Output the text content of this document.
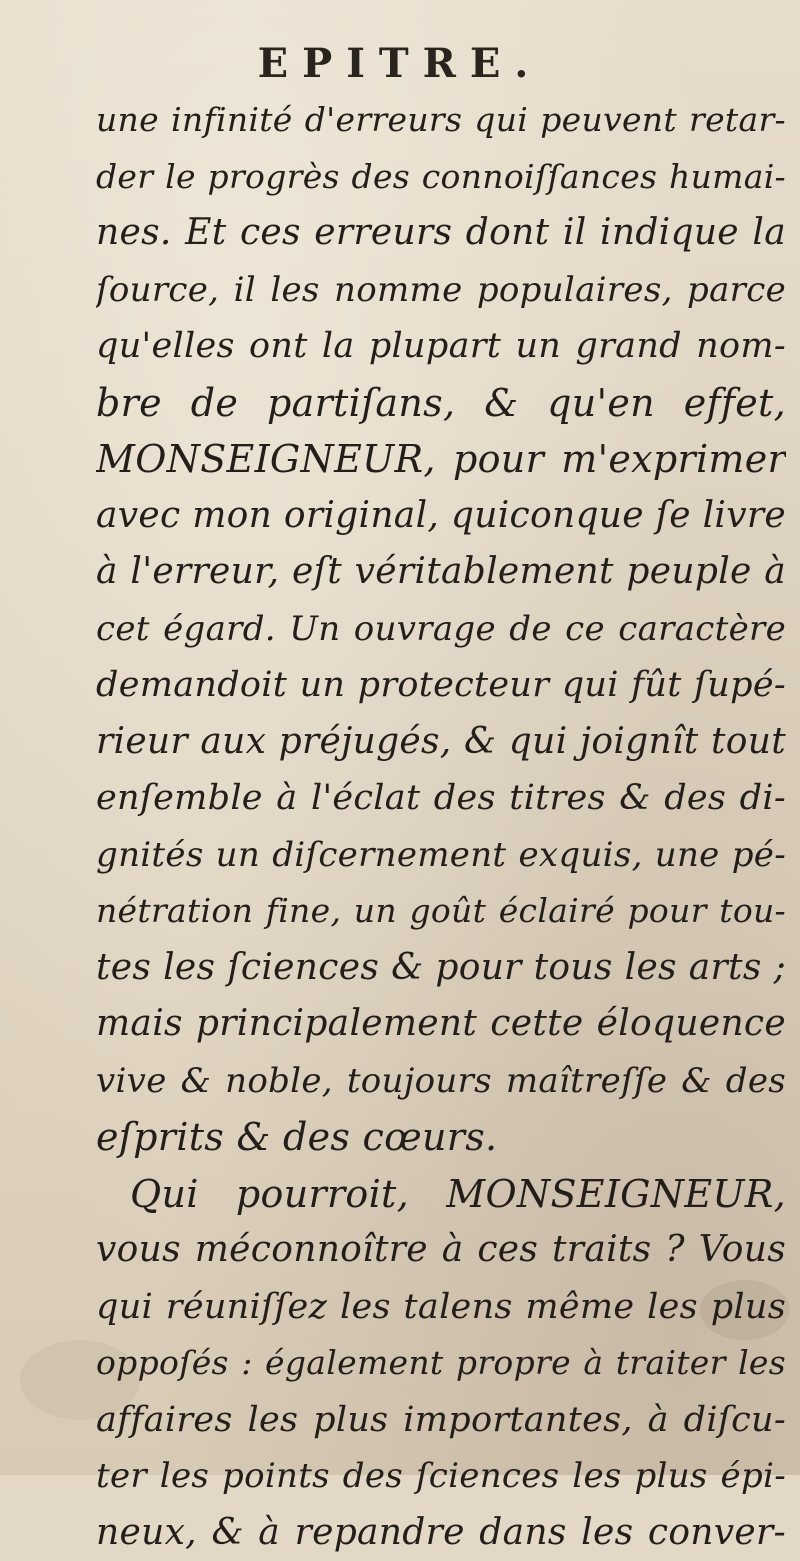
EPITRE.
une infinité d'erreurs qui peuvent retar-
der le progrès des connoiſſances humai-
nes. Et ces erreurs dont il indique la
ſource, il les nomme populaires, parce
qu'elles ont la plupart un grand nom-
bre de partiſans, & qu'en effet,
MONSEIGNEUR, pour m'exprimer
avec mon original, quiconque ſe livre
à l'erreur, eſt véritablement peuple à
cet égard. Un ouvrage de ce caractère
demandoit un protecteur qui fût ſupé-
rieur aux préjugés, & qui joignît tout
enſemble à l'éclat des titres & des di-
gnités un diſcernement exquis, une pé-
nétration fine, un goût éclairé pour tou-
tes les ſciences & pour tous les arts ;
mais principalement cette éloquence
vive & noble, toujours maîtreſſe & des
eſprits & des cœurs.
Qui pourroit, MONSEIGNEUR,
vous méconnoître à ces traits ? Vous
qui réuniſſez les talens même les plus
oppoſés : également propre à traiter les
affaires les plus importantes, à diſcu-
ter les points des ſciences les plus épi-
neux, & à repandre dans les conver-
